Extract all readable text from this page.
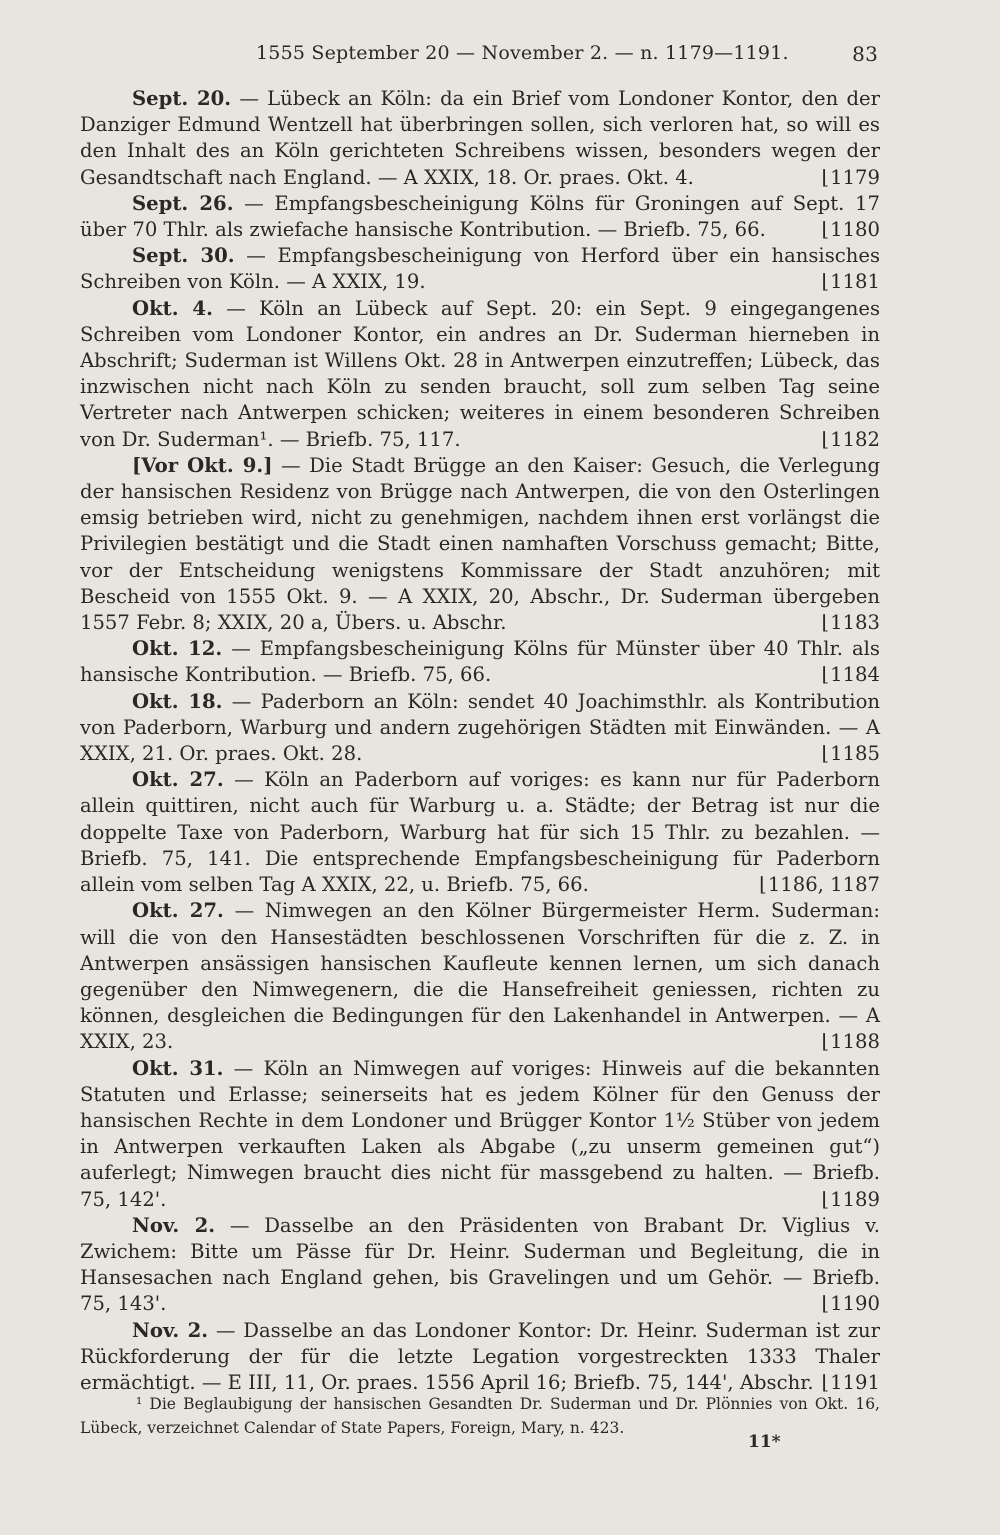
1555 September 20 — November 2. — n. 1179—1191.	83

Sept. 20. — Lübeck an Köln: da ein Brief vom Londoner Kontor, den der Danziger Edmund Wentzell hat überbringen sollen, sich verloren hat, so will es den Inhalt des an Köln gerichteten Schreibens wissen, besonders wegen der Gesandtschaft nach England. — A XXIX, 18. Or. praes. Okt. 4.	⌊ 1179

Sept. 26. — Empfangsbescheinigung Kölns für Groningen auf Sept. 17 über 70 Thlr. als zwiefache hansische Kontribution. — Briefb. 75, 66.	⌊ 1180

Sept. 30. — Empfangsbescheinigung von Herford über ein hansisches Schreiben von Köln. — A XXIX, 19.	⌊ 1181

Okt. 4. — Köln an Lübeck auf Sept. 20: ein Sept. 9 eingegangenes Schreiben vom Londoner Kontor, ein andres an Dr. Suderman hierneben in Abschrift; Suderman ist Willens Okt. 28 in Antwerpen einzutreffen; Lübeck, das inzwischen nicht nach Köln zu senden braucht, soll zum selben Tag seine Vertreter nach Antwerpen schicken; weiteres in einem besonderen Schreiben von Dr. Suderman¹. — Briefb. 75, 117.	⌊ 1182

[Vor Okt. 9.] — Die Stadt Brügge an den Kaiser: Gesuch, die Verlegung der hansischen Residenz von Brügge nach Antwerpen, die von den Osterlingen emsig betrieben wird, nicht zu genehmigen, nachdem ihnen erst vorlängst die Privilegien bestätigt und die Stadt einen namhaften Vorschuss gemacht; Bitte, vor der Entscheidung wenigstens Kommissare der Stadt anzuhören; mit Bescheid von 1555 Okt. 9. — A XXIX, 20, Abschr., Dr. Suderman übergeben 1557 Febr. 8; XXIX, 20 a, Übers. u. Abschr.	⌊ 1183

Okt. 12. — Empfangsbescheinigung Kölns für Münster über 40 Thlr. als hansische Kontribution. — Briefb. 75, 66.	⌊ 1184

Okt. 18. — Paderborn an Köln: sendet 40 Joachimsthlr. als Kontribution von Paderborn, Warburg und andern zugehörigen Städten mit Einwänden. — A XXIX, 21. Or. praes. Okt. 28.	⌊ 1185

Okt. 27. — Köln an Paderborn auf voriges: es kann nur für Paderborn allein quittiren, nicht auch für Warburg u. a. Städte; der Betrag ist nur die doppelte Taxe von Paderborn, Warburg hat für sich 15 Thlr. zu bezahlen. — Briefb. 75, 141. Die entsprechende Empfangsbescheinigung für Paderborn allein vom selben Tag A XXIX, 22, u. Briefb. 75, 66.	⌊ 1186, 1187

Okt. 27. — Nimwegen an den Kölner Bürgermeister Herm. Suderman: will die von den Hansestädten beschlossenen Vorschriften für die z. Z. in Antwerpen ansässigen hansischen Kaufleute kennen lernen, um sich danach gegenüber den Nimwegenern, die die Hansefreiheit geniessen, richten zu können, desgleichen die Bedingungen für den Lakenhandel in Antwerpen. — A XXIX, 23.	⌊ 1188

Okt. 31. — Köln an Nimwegen auf voriges: Hinweis auf die bekannten Statuten und Erlasse; seinerseits hat es jedem Kölner für den Genuss der hansischen Rechte in dem Londoner und Brügger Kontor 1½ Stüber von jedem in Antwerpen verkauften Laken als Abgabe („zu unserm gemeinen gut“) auferlegt; Nimwegen braucht dies nicht für massgebend zu halten. — Briefb. 75, 142'.	⌊ 1189

Nov. 2. — Dasselbe an den Präsidenten von Brabant Dr. Viglius v. Zwichem: Bitte um Pässe für Dr. Heinr. Suderman und Begleitung, die in Hansesachen nach England gehen, bis Gravelingen und um Gehör. — Briefb. 75, 143'.	⌊ 1190

Nov. 2. — Dasselbe an das Londoner Kontor: Dr. Heinr. Suderman ist zur Rückforderung der für die letzte Legation vorgestreckten 1333 Thaler ermächtigt. — E III, 11, Or. praes. 1556 April 16; Briefb. 75, 144', Abschr. ⌊ 1191

¹ Die Beglaubigung der hansischen Gesandten Dr. Suderman und Dr. Plönnies von Okt. 16, Lübeck, verzeichnet Calendar of State Papers, Foreign, Mary, n. 423.

11*
